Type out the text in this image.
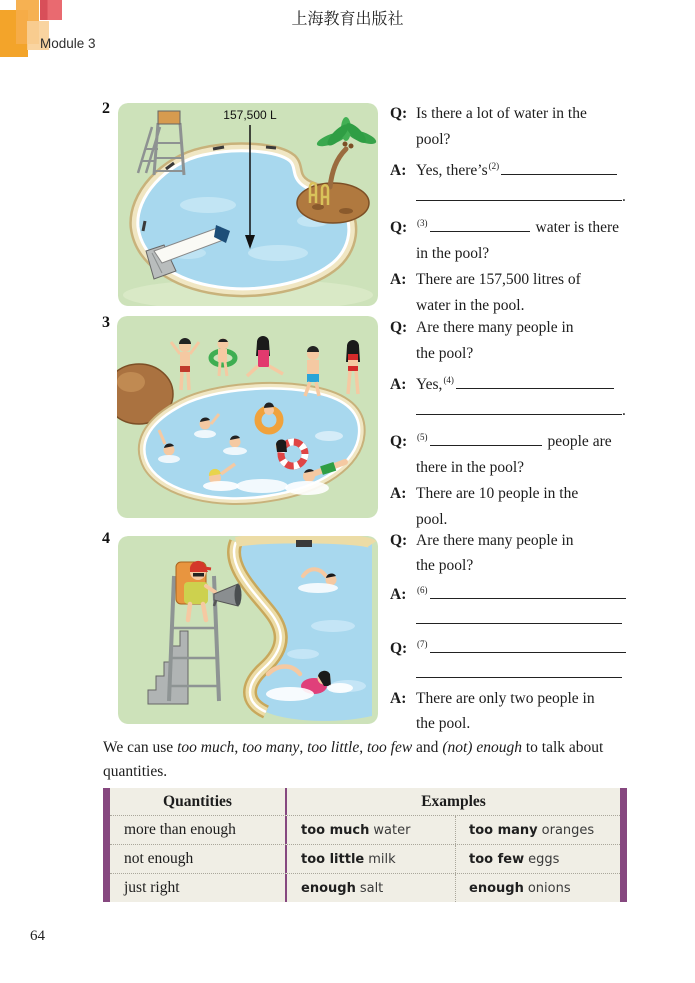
上海教育出版社
Module 3
2	157,500 L	Q: Is there a lot of water in the
pool?
A: Yes, $there’s^{(2)}$
.
Q: $^{(3)}$	water is there
in the pool?
A: There are 157,500 litres of
water in the pool.
3	Q: Are there many people in
the pool?
A: Yes,$^{(4)}$
.
Q: $^{(5)}$	people are
there in the pool?
A: There are 10 people in the
pool.
4	Q: Are there many people in
the pool?
A: $^{(6)}$
Q: $^{(7)}$
A: There are only two people in
the pool.
We can use too much, too many, too little, too few and (not) enough to talk about quantities.
Quantities	Examples
more than enough	too much water	too many oranges
not enough	too little milk	too few eggs
just right	enough salt	enough onions
64
